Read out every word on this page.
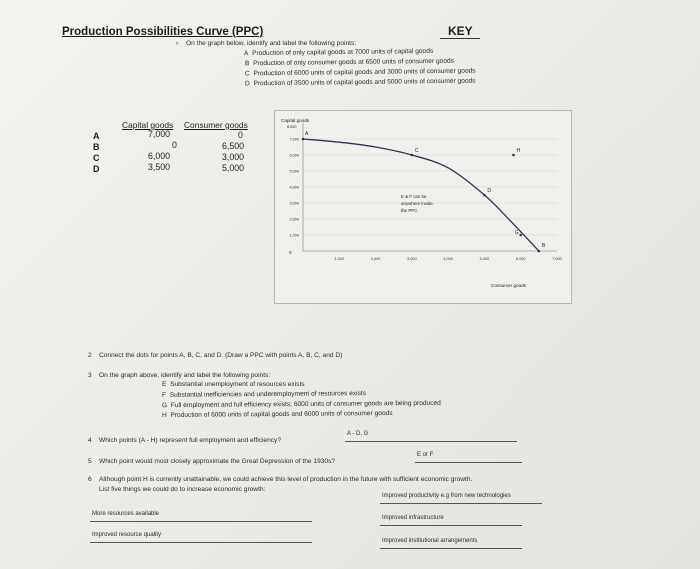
Production Possibilities Curve (PPC)	KEY
› On the graph below, identify and label the following points:
A Production of only capital goods at 7000 units of capital goods
B Production of only consumer goods at 6500 units of consumer goods
C Production of 6000 units of capital goods and 3000 units of consumer goods
D Production of 3500 units of capital goods and 5000 units of consumer goods
Capital goods Consumer goods
A	7,000	0
B	0	6,500
C	6,000	3,000
D	3,500	5,000
7,000
6,000
5,000
4,000
3,000
2,000
1,000
1,000	2,000	3,000	4,000	5,000	6,000	7,000
A
C
D
H
G
B
Capital goods
8,000
Consumer goods
0
E & F can be
anywhere inside
the PPC
2 Connect the dots for points A, B, C, and D. (Draw a PPC with points A, B, C, and D)
3 On the graph above, identify and label the following points:
E Substantial unemployment of resources exists
F Substantial inefficiencies and underemployment of resources exists
G Full employment and full efficiency exists; 6000 units of consumer goods are being produced
H Production of 6000 units of capital goods and 6000 units of consumer goods
4 Which points (A - H) represent full employment and efficiency?
A - D, G
5 Which point would most closely approximate the Great Depression of the 1930s?
E or F
6 Although point H is currently unattainable, we could achieve this level of production in the future with sufficient economic growth.
List five things we could do to increase economic growth:
Improved productivity e.g from new technologies
More resources available
Improved infrastructure
Improved resource quality
Improved institutional arrangements
